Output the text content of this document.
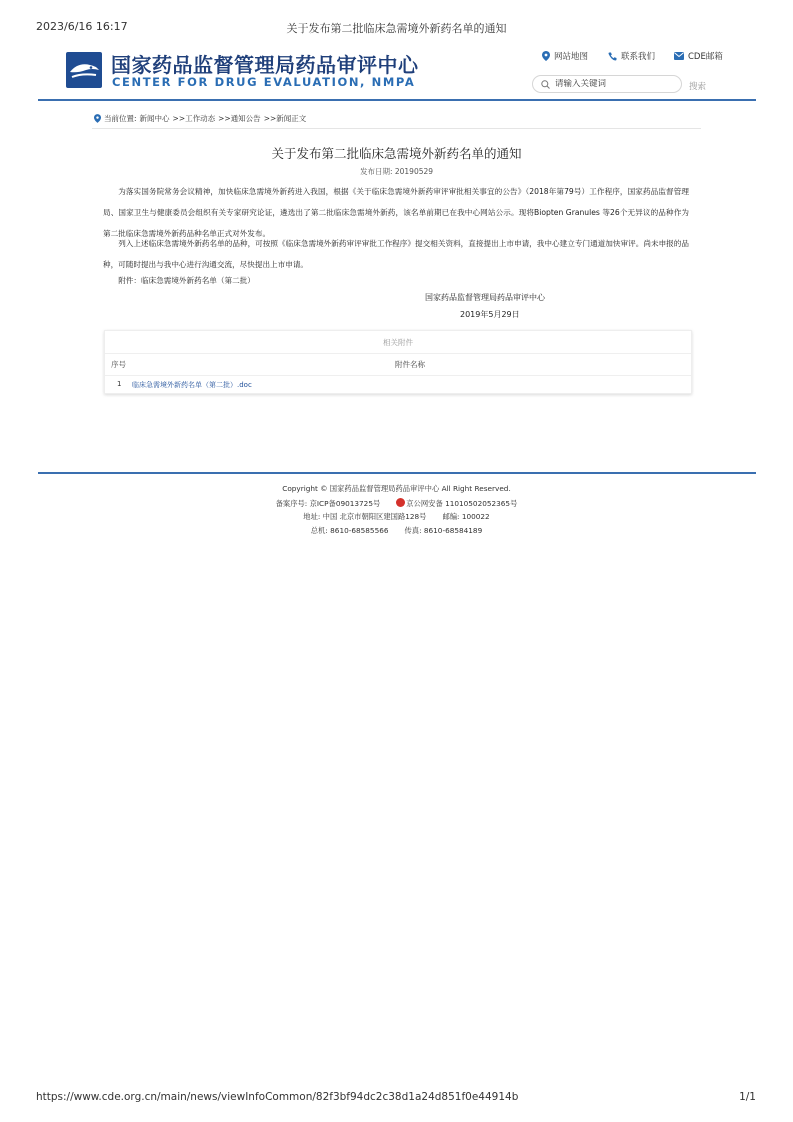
2023/6/16 16:17	关于发布第二批临床急需境外新药名单的通知
国家药品监督管理局药品审评中心
CENTER FOR DRUG EVALUATION, NMPA
网站地图	联系我们	CDE邮箱
请输入关键词
搜索
当前位置: 新闻中心 >>工作动态 >>通知公告 >>新闻正文
关于发布第二批临床急需境外新药名单的通知
发布日期: 20190529
为落实国务院常务会议精神，加快临床急需境外新药进入我国，根据《关于临床急需境外新药审评审批相关事宜的公告》（2018年第79号）工作程序，国家药品监督管理局、国家卫生与健康委员会组织有关专家研究论证，遴选出了第二批临床急需境外新药，该名单前期已在我中心网站公示。现将Biopten Granules 等26个无异议的品种作为第二批临床急需境外新药品种名单正式对外发布。
列入上述临床急需境外新药名单的品种，可按照《临床急需境外新药审评审批工作程序》提交相关资料，直接提出上市申请，我中心建立专门通道加快审评。尚未申报的品种，可随时提出与我中心进行沟通交流，尽快提出上市申请。
附件：临床急需境外新药名单（第二批）
国家药品监督管理局药品审评中心
2019年5月29日
相关附件
序号	附件名称
1 临床急需境外新药名单（第二批）.doc
Copyright © 国家药品监督管理局药品审评中心 All Right Reserved.
备案序号: 京ICP备09013725号	京公网安备 11010502052365号
地址: 中国 北京市朝阳区建国路128号 邮编: 100022
总机: 8610-68585566 传真: 8610-68584189
https://www.cde.org.cn/main/news/viewInfoCommon/82f3bf94dc2c38d1a24d851f0e44914b	1/1
